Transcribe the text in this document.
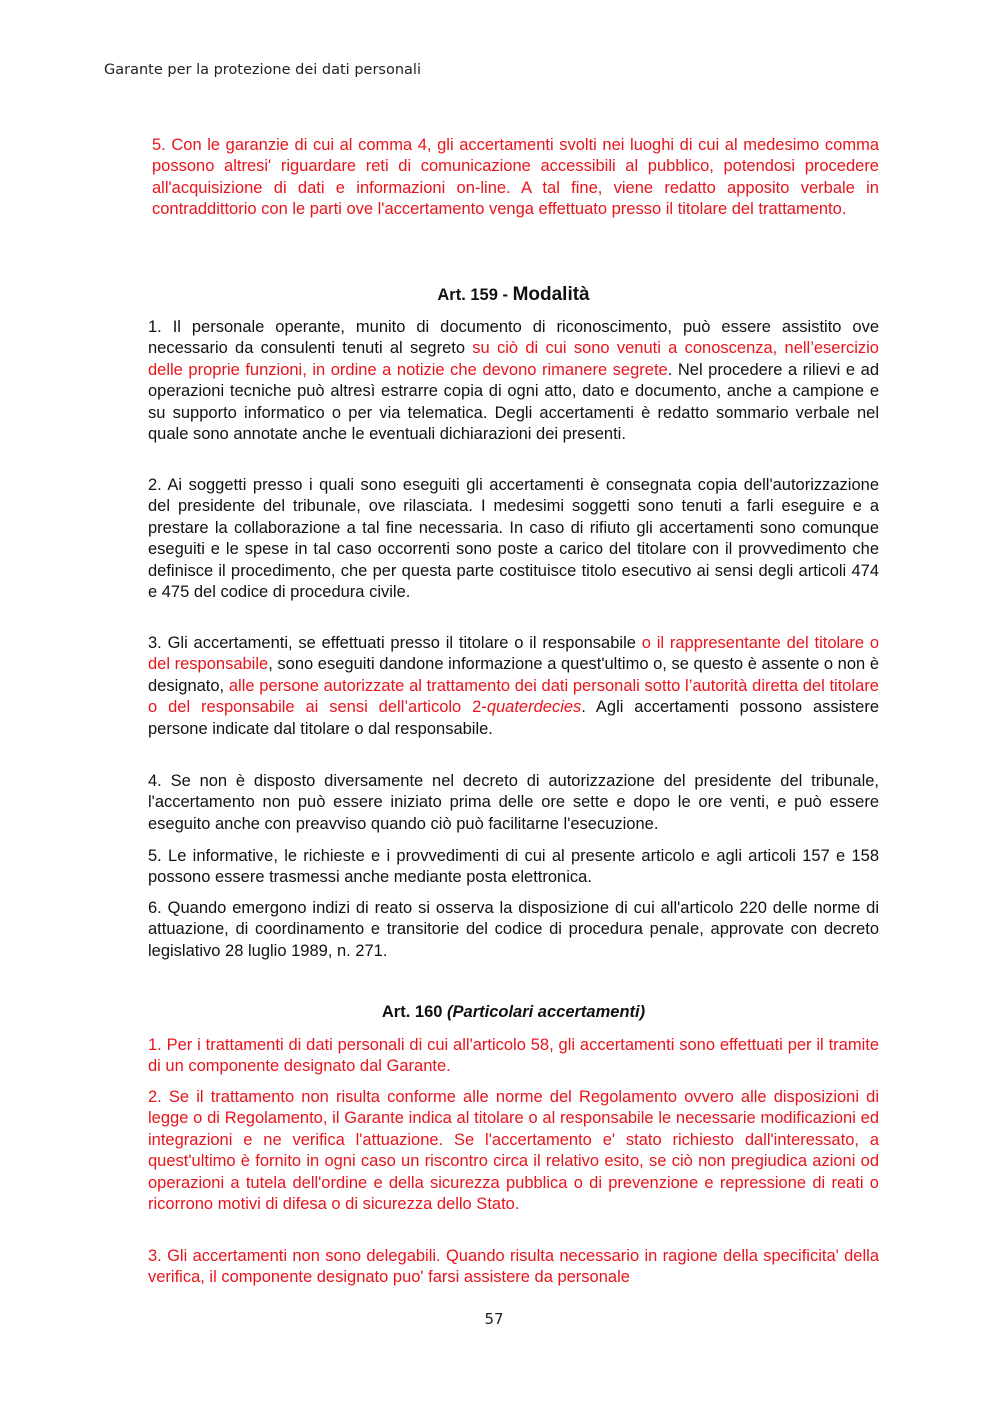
Garante per la protezione dei dati personali

5. Con le garanzie di cui al comma 4, gli accertamenti svolti nei luoghi di cui al medesimo comma possono altresi' riguardare reti di comunicazione accessibili al pubblico, potendosi procedere all'acquisizione di dati e informazioni on-line. A tal fine, viene redatto apposito verbale in contraddittorio con le parti ove l'accertamento venga effettuato presso il titolare del trattamento.

Art. 159 - Modalità

1. Il personale operante, munito di documento di riconoscimento, può essere assistito ove necessario da consulenti tenuti al segreto su ciò di cui sono venuti a conoscenza, nell’esercizio delle proprie funzioni, in ordine a notizie che devono rimanere segrete. Nel procedere a rilievi e ad operazioni tecniche può altresì estrarre copia di ogni atto, dato e documento, anche a campione e su supporto informatico o per via telematica. Degli accertamenti è redatto sommario verbale nel quale sono annotate anche le eventuali dichiarazioni dei presenti.

2. Ai soggetti presso i quali sono eseguiti gli accertamenti è consegnata copia dell'autorizzazione del presidente del tribunale, ove rilasciata. I medesimi soggetti sono tenuti a farli eseguire e a prestare la collaborazione a tal fine necessaria. In caso di rifiuto gli accertamenti sono comunque eseguiti e le spese in tal caso occorrenti sono poste a carico del titolare con il provvedimento che definisce il procedimento, che per questa parte costituisce titolo esecutivo ai sensi degli articoli 474 e 475 del codice di procedura civile.

3. Gli accertamenti, se effettuati presso il titolare o il responsabile o il rappresentante del titolare o del responsabile, sono eseguiti dandone informazione a quest'ultimo o, se questo è assente o non è designato, alle persone autorizzate al trattamento dei dati personali sotto l’autorità diretta del titolare o del responsabile ai sensi dell’articolo 2-quaterdecies. Agli accertamenti possono assistere persone indicate dal titolare o dal responsabile.

4. Se non è disposto diversamente nel decreto di autorizzazione del presidente del tribunale, l'accertamento non può essere iniziato prima delle ore sette e dopo le ore venti, e può essere eseguito anche con preavviso quando ciò può facilitarne l'esecuzione.

5. Le informative, le richieste e i provvedimenti di cui al presente articolo e agli articoli 157 e 158 possono essere trasmessi anche mediante posta elettronica.

6. Quando emergono indizi di reato si osserva la disposizione di cui all'articolo 220 delle norme di attuazione, di coordinamento e transitorie del codice di procedura penale, approvate con decreto legislativo 28 luglio 1989, n. 271.

Art. 160 (Particolari accertamenti)

1. Per i trattamenti di dati personali di cui all'articolo 58, gli accertamenti sono effettuati per il tramite di un componente designato dal Garante.

2. Se il trattamento non risulta conforme alle norme del Regolamento ovvero alle disposizioni di legge o di Regolamento, il Garante indica al titolare o al responsabile le necessarie modificazioni ed integrazioni e ne verifica l'attuazione. Se l'accertamento e' stato richiesto dall'interessato, a quest'ultimo è fornito in ogni caso un riscontro circa il relativo esito, se ciò non pregiudica azioni od operazioni a tutela dell'ordine e della sicurezza pubblica o di prevenzione e repressione di reati o ricorrono motivi di difesa o di sicurezza dello Stato.

3. Gli accertamenti non sono delegabili. Quando risulta necessario in ragione della specificita' della verifica, il componente designato puo' farsi assistere da personale

57
